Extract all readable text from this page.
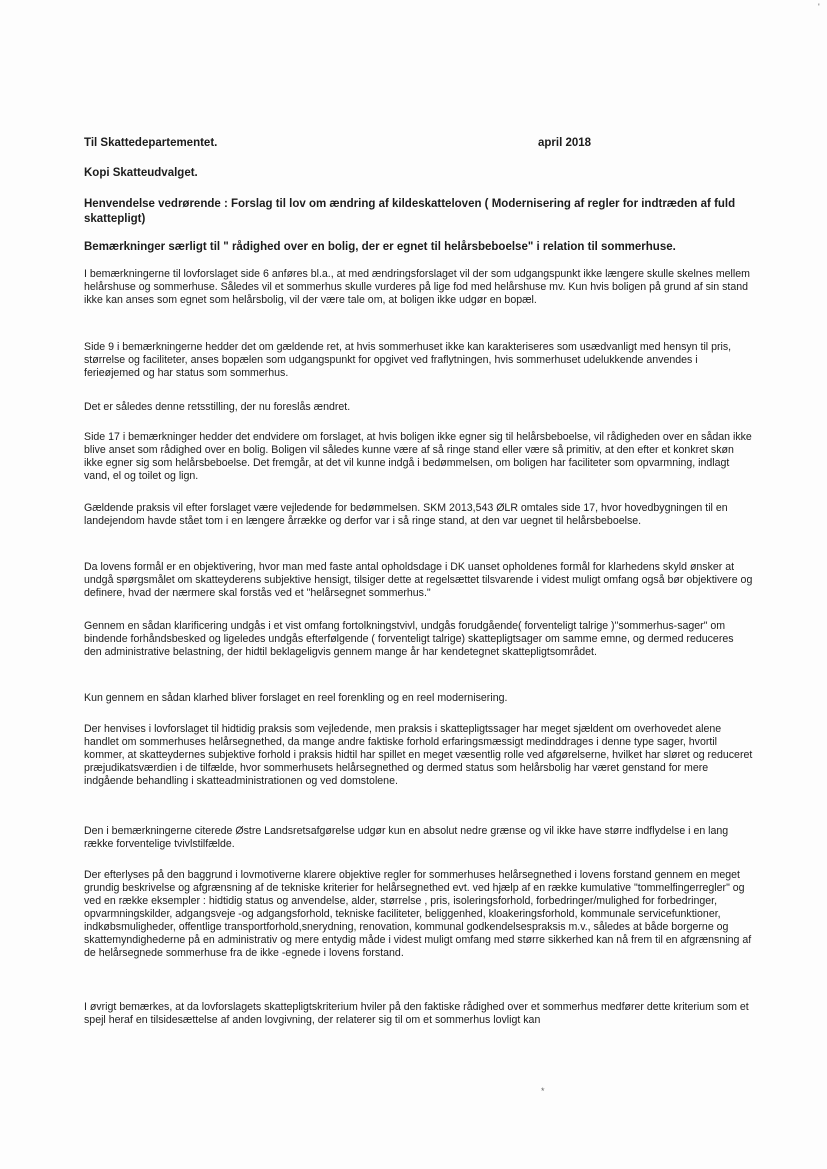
Til Skattedepartementet.	april 2018
Kopi Skatteudvalget.
Henvendelse vedrørende : Forslag til lov om ændring af kildeskatteloven ( Modernisering af regler for indtræden af fuld skattepligt)
Bemærkninger særligt til " rådighed over en bolig, der er egnet til helårsbeboelse" i relation til sommerhuse.

I bemærkningerne til lovforslaget side 6 anføres bl.a., at med ændringsforslaget vil der som udgangspunkt ikke længere skulle skelnes mellem helårshuse og sommerhuse. Således vil et sommerhus skulle vurderes på lige fod med helårshuse mv. Kun hvis boligen på grund af sin stand ikke kan anses som egnet som helårsbolig, vil der være tale om, at boligen ikke udgør en bopæl.

Side 9 i bemærkningerne hedder det om gældende ret, at hvis sommerhuset ikke kan karakteriseres som usædvanligt med hensyn til pris, størrelse og faciliteter, anses bopælen som udgangspunkt for opgivet ved fraflytningen, hvis sommerhuset udelukkende anvendes i ferieøjemed og har status som sommerhus.

Det er således denne retsstilling, der nu foreslås ændret.

Side 17 i bemærkninger hedder det endvidere om forslaget, at hvis boligen ikke egner sig til helårsbeboelse, vil rådigheden over en sådan ikke blive anset som rådighed over en bolig. Boligen vil således kunne være af så ringe stand eller være så primitiv, at den efter et konkret skøn ikke egner sig som helårsbeboelse. Det fremgår, at det vil kunne indgå i bedømmelsen, om boligen har faciliteter som opvarmning, indlagt vand, el og toilet og lign.

Gældende praksis vil efter forslaget være vejledende for bedømmelsen. SKM 2013,543 ØLR omtales side 17, hvor hovedbygningen til en landejendom havde stået tom i en længere årrække og derfor var i så ringe stand, at den var uegnet til helårsbeboelse.

Da lovens formål er en objektivering, hvor man med faste antal opholdsdage i DK uanset opholdenes formål for klarhedens skyld ønsker at undgå spørgsmålet om skatteyderens subjektive hensigt, tilsiger dette at regelsættet tilsvarende i videst muligt omfang også bør objektivere og definere, hvad der nærmere skal forstås ved et "helårsegnet sommerhus."

Gennem en sådan klarificering undgås i et vist omfang fortolkningstvivl, undgås forudgående( forventeligt talrige )"sommerhus-sager" om bindende forhåndsbesked og ligeledes undgås efterfølgende ( forventeligt talrige) skattepligtsager om samme emne, og dermed reduceres den administrative belastning, der hidtil beklageligvis gennem mange år har kendetegnet skattepligtsområdet.

Kun gennem en sådan klarhed bliver forslaget en reel forenkling og en reel modernisering.

Der henvises i lovforslaget til hidtidig praksis som vejledende, men praksis i skattepligtssager har meget sjældent om overhovedet alene handlet om sommerhuses helårsegnethed, da mange andre faktiske forhold erfaringsmæssigt medinddrages i denne type sager, hvortil kommer, at skatteydernes subjektive forhold i praksis hidtil har spillet en meget væsentlig rolle ved afgørelserne, hvilket har sløret og reduceret præjudikatsværdien i de tilfælde, hvor sommerhusets helårsegnethed og dermed status som helårsbolig har været genstand for mere indgående behandling i skatteadministrationen og ved domstolene.

Den i bemærkningerne citerede Østre Landsretsafgørelse udgør kun en absolut nedre grænse og vil ikke have større indflydelse i en lang række forventelige tvivlstilfælde.

Der efterlyses på den baggrund i lovmotiverne klarere objektive regler for sommerhuses helårsegnethed i lovens forstand gennem en meget grundig beskrivelse og afgrænsning af de tekniske kriterier for helårsegnethed evt. ved hjælp af en række kumulative "tommelfingerregler" og ved en række eksempler : hidtidig status og anvendelse, alder, størrelse , pris, isoleringsforhold, forbedringer/mulighed for forbedringer, opvarmningskilder, adgangsveje -og adgangsforhold, tekniske faciliteter, beliggenhed, kloakeringsforhold, kommunale servicefunktioner, indkøbsmuligheder, offentlige transportforhold,snerydning, renovation, kommunal godkendelsespraksis m.v., således at både borgerne og skattemyndighederne på en administrativ og mere entydig måde i videst muligt omfang med større sikkerhed kan nå frem til en afgrænsning af de helårsegnede sommerhuse fra de ikke -egnede i lovens forstand.

I øvrigt bemærkes, at da lovforslagets skattepligtskriterium hviler på den faktiske rådighed over et sommerhus medfører dette kriterium som et spejl heraf en tilsidesættelse af anden lovgivning, der relaterer sig til om et sommerhus lovligt kan

'
*
